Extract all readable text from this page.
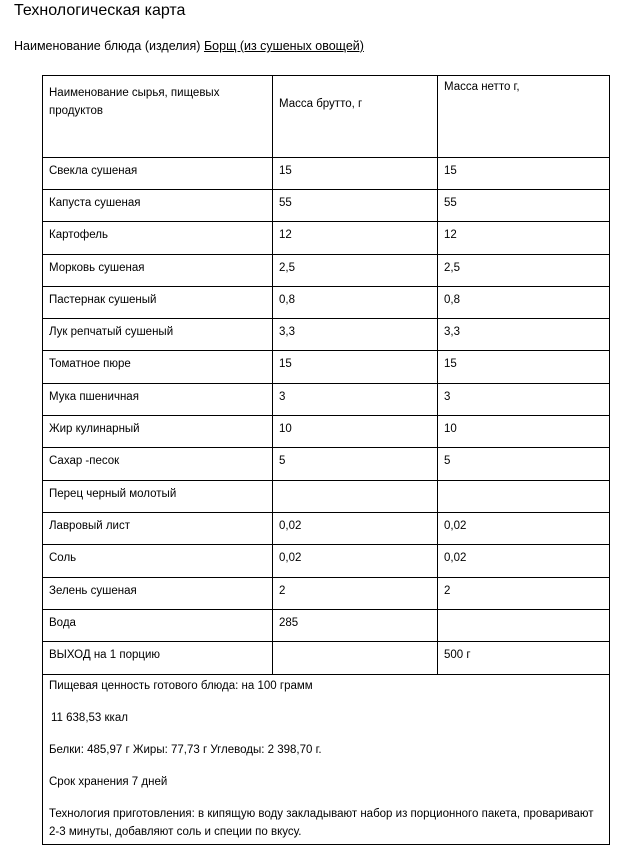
Технологическая карта
Наименование блюда (изделия) Борщ (из сушеных овощей)
Наименование сырья, пищевых продуктов	Масса брутто, г	Масса нетто г,
Свекла сушеная	15	15
Капуста сушеная	55	55
Картофель	12	12
Морковь сушеная	2,5	2,5
Пастернак сушеный	0,8	0,8
Лук репчатый сушеный	3,3	3,3
Томатное пюре	15	15
Мука пшеничная	3	3
Жир кулинарный	10	10
Сахар -песок	5	5
Перец черный молотый		
Лавровый лист	0,02	0,02
Соль	0,02	0,02
Зелень сушеная	2	2
Вода	285	
ВЫХОД на 1 порцию		500 г

Пищевая ценность готового блюда: на 100 грамм

11 638,53 ккал

Белки: 485,97 г Жиры: 77,73 г Углеводы: 2 398,70 г.

Срок хранения 7 дней

Технология приготовления: в кипящую воду закладывают набор из порционного пакета, проваривают 2-3 минуты, добавляют соль и специи по вкусу.		
